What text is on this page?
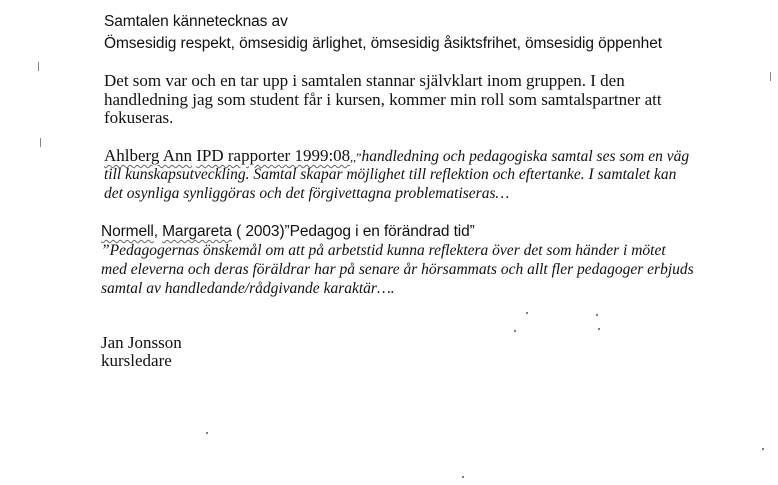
Samtalen kännetecknas av
Ömsesidig respekt, ömsesidig ärlighet, ömsesidig åsiktsfrihet, ömsesidig öppenhet
Det som var och en tar upp i samtalen stannar självklart inom gruppen. I den
handledning jag som student får i kursen, kommer min roll som samtalspartner att
fokuseras.
Ahlberg Ann IPD rapporter 1999:08,,”handledning och pedagogiska samtal ses som en väg
till kunskapsutveckling. Samtal skapar möjlighet till reflektion och eftertanke. I samtalet kan
det osynliga synliggöras och det förgivettagna problematiseras…
Normell, Margareta ( 2003)”Pedagog i en förändrad tid”
”Pedagogernas önskemål om att på arbetstid kunna reflektera över det som händer i mötet
med eleverna och deras föräldrar har på senare år hörsammats och allt fler pedagoger erbjuds
samtal av handledande/rådgivande karaktär….
Jan Jonsson
kursledare
